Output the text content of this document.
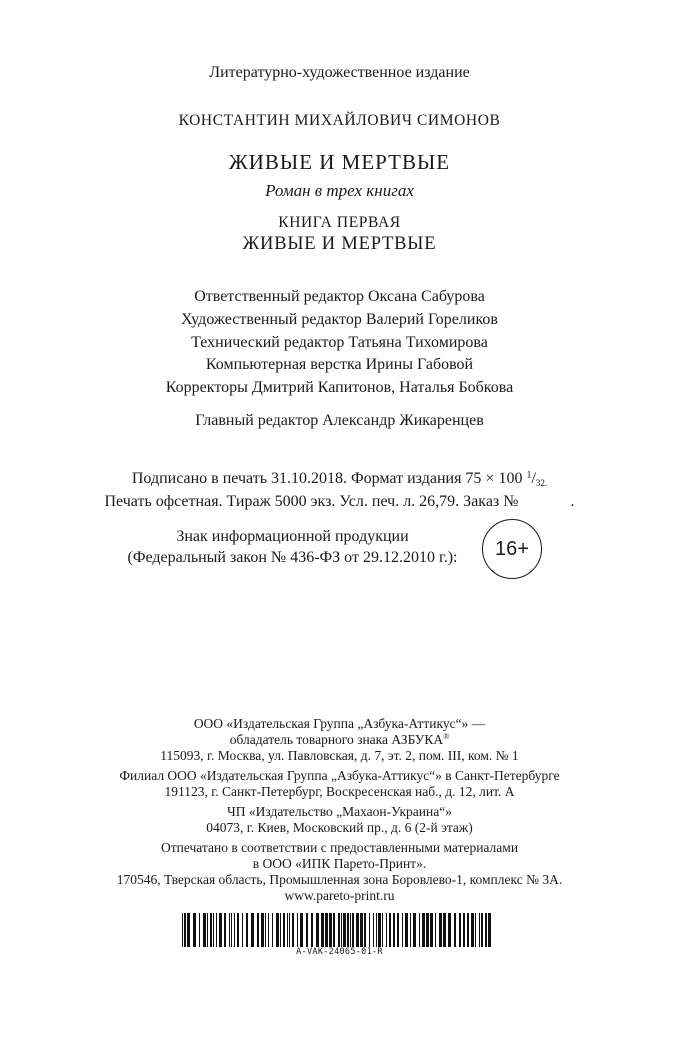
Литературно-художественное издание
КОНСТАНТИН МИХАЙЛОВИЧ СИМОНОВ
ЖИВЫЕ И МЕРТВЫЕ
Роман в трех книгах
КНИГА ПЕРВАЯ
ЖИВЫЕ И МЕРТВЫЕ
Ответственный редактор Оксана Сабурова
Художественный редактор Валерий Гореликов
Технический редактор Татьяна Тихомирова
Компьютерная верстка Ирины Габовой
Корректоры Дмитрий Капитонов, Наталья Бобкова
Главный редактор Александр Жикаренцев
Подписано в печать 31.10.2018. Формат издания 75 × 100 $^1$/32.
Печать офсетная. Тираж 5000 экз. Усл. печ. л. 26,79. Заказ №	.
Знак информационной продукции
(Федеральный закон № 436-ФЗ от 29.12.2010 г.):	16+
ООО «Издательская Группа „Азбука-Аттикус“» —
обладатель товарного знака АЗБУКА®
115093, г. Москва, ул. Павловская, д. 7, эт. 2, пом. III, ком. № 1
Филиал ООО «Издательская Группа „Азбука-Аттикус“» в Санкт-Петербурге
191123, г. Санкт-Петербург, Воскресенская наб., д. 12, лит. А
ЧП «Издательство „Махаон-Украина“»
04073, г. Киев, Московский пр., д. 6 (2-й этаж)
Отпечатано в соответствии с предоставленными материалами
в ООО «ИПК Парето-Принт».
170546, Тверская область, Промышленная зона Боровлево-1, комплекс № 3А.
www.pareto-print.ru
A-VAK-24065-01-R
